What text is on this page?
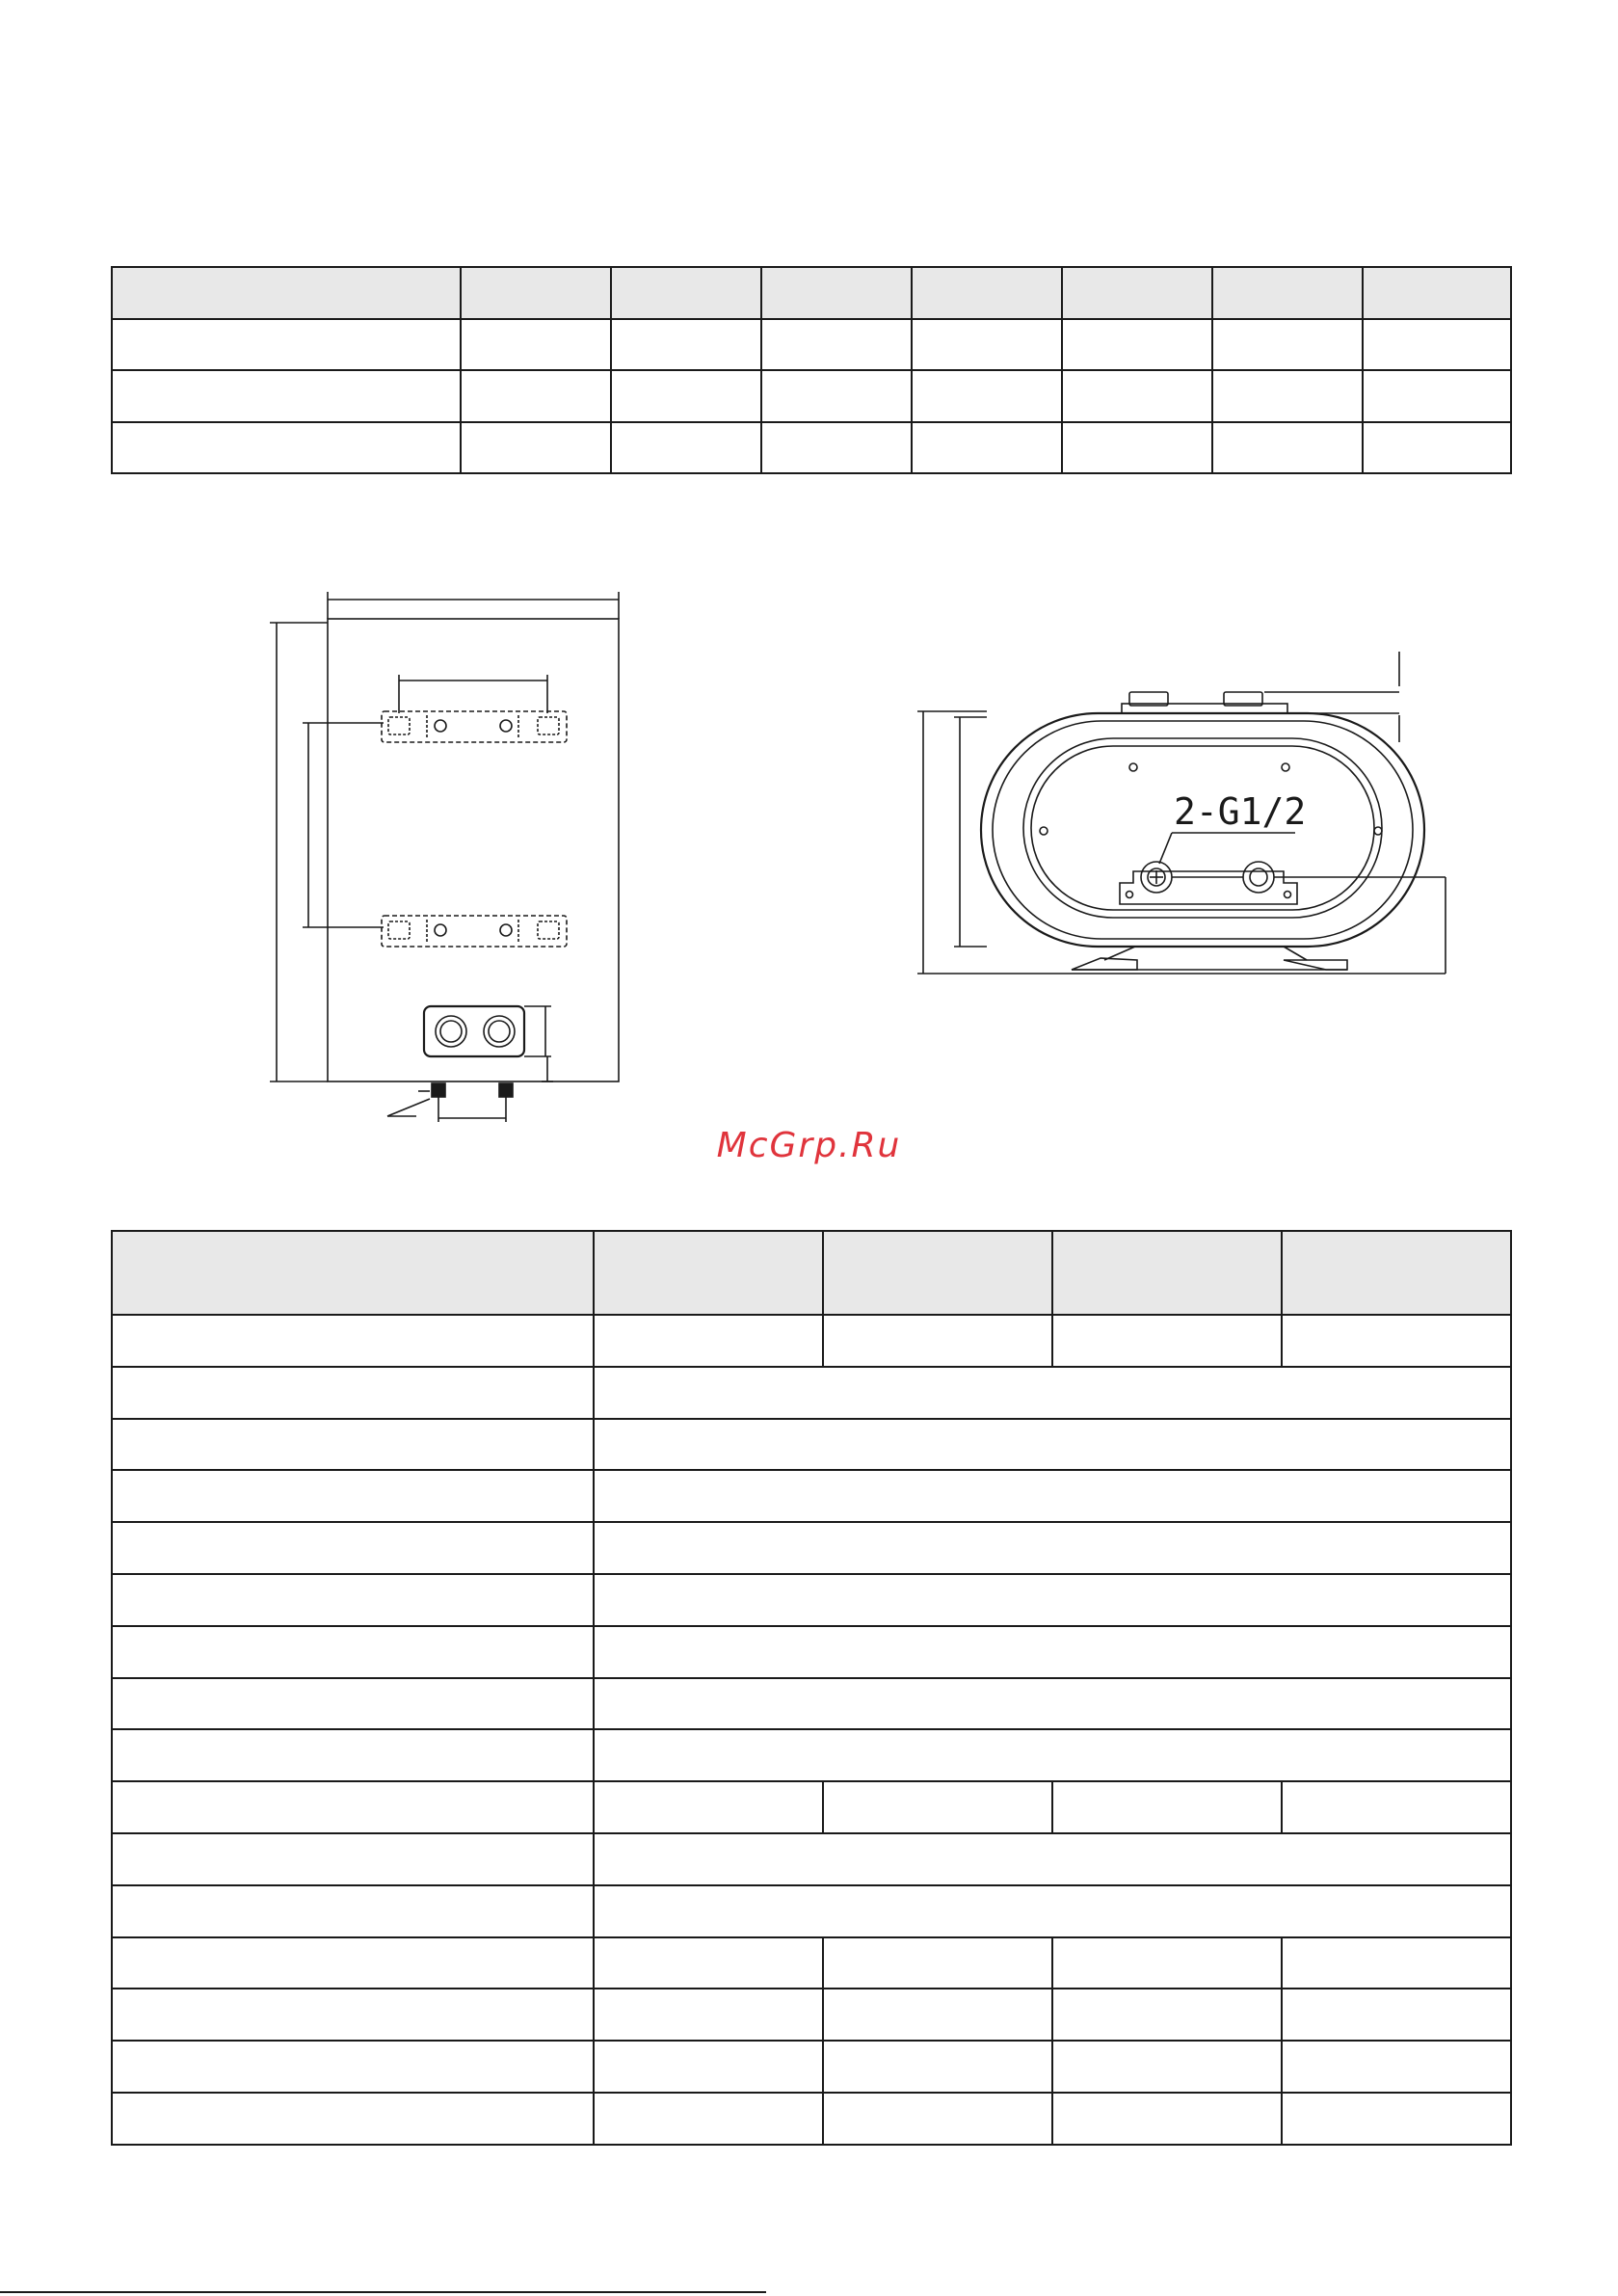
2-G1/2
McGrp.Ru
